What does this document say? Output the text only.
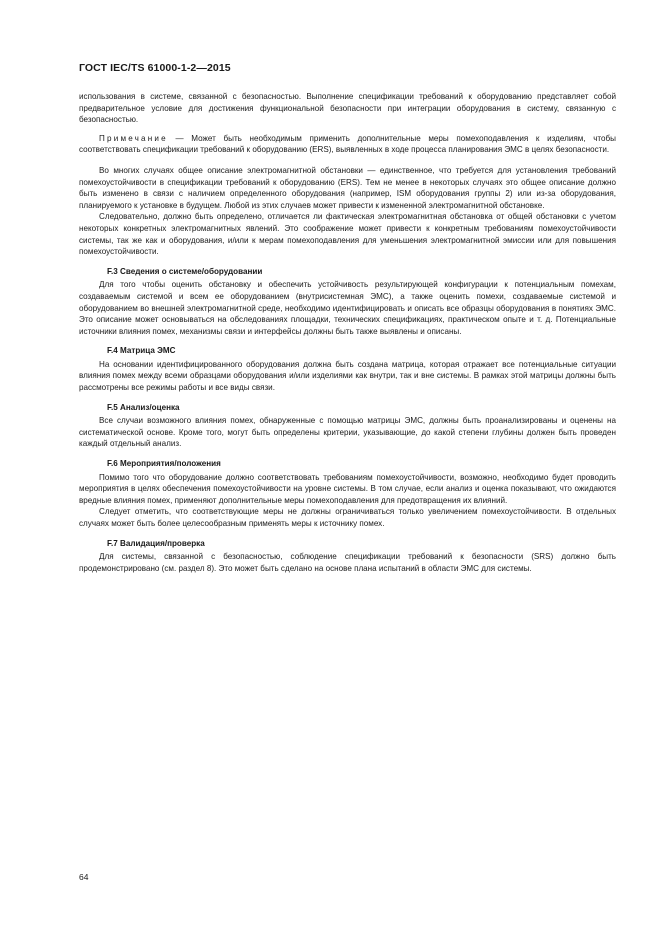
ГОСТ IEC/TS 61000-1-2—2015

использования в системе, связанной с безопасностью. Выполнение спецификации требований к оборудованию представляет собой предварительное условие для достижения функциональной безопасности при интеграции оборудования в систему, связанную с безопасностью.

Примечание — Может быть необходимым применить дополнительные меры помехоподавления к изделиям, чтобы соответствовать спецификации требований к оборудованию (ERS), выявленных в ходе процесса планирования ЭМС в целях безопасности.

Во многих случаях общее описание электромагнитной обстановки — единственное, что требуется для установления требований помехоустойчивости в спецификации требований к оборудованию (ERS). Тем не менее в некоторых случаях это общее описание должно быть изменено в связи с наличием определенного оборудования (например, ISM оборудования группы 2) или из-за оборудования, планируемого к установке в будущем. Любой из этих случаев может привести к измененной электромагнитной обстановке.

Следовательно, должно быть определено, отличается ли фактическая электромагнитная обстановка от общей обстановки с учетом некоторых конкретных электромагнитных явлений. Это соображение может привести к конкретным требованиям помехоустойчивости системы, так же как и оборудования, и/или к мерам помехоподавления для уменьшения электромагнитной эмиссии или для повышения помехоустойчивости.

F.3 Сведения о системе/оборудовании

Для того чтобы оценить обстановку и обеспечить устойчивость результирующей конфигурации к потенциальным помехам, создаваемым системой и всем ее оборудованием (внутрисистемная ЭМС), а также оценить помехи, создаваемые системой и оборудованием во внешней электромагнитной среде, необходимо идентифицировать и описать все образцы оборудования в понятиях ЭМС. Это описание может основываться на обследованиях площадки, технических спецификациях, практическом опыте и т. д. Потенциальные источники влияния помех, механизмы связи и интерфейсы должны быть также выявлены и описаны.

F.4 Матрица ЭМС

На основании идентифицированного оборудования должна быть создана матрица, которая отражает все потенциальные ситуации влияния помех между всеми образцами оборудования и/или изделиями как внутри, так и вне системы. В рамках этой матрицы должны быть рассмотрены все режимы работы и все виды связи.

F.5 Анализ/оценка

Все случаи возможного влияния помех, обнаруженные с помощью матрицы ЭМС, должны быть проанализированы и оценены на систематической основе. Кроме того, могут быть определены критерии, указывающие, до какой степени глубины должен быть проведен каждый отдельный анализ.

F.6 Мероприятия/положения

Помимо того что оборудование должно соответствовать требованиям помехоустойчивости, возможно, необходимо будет проводить мероприятия в целях обеспечения помехоустойчивости на уровне системы. В том случае, если анализ и оценка показывают, что ожидаются вредные влияния помех, применяют дополнительные меры помехоподавления для предотвращения их влияний.

Следует отметить, что соответствующие меры не должны ограничиваться только увеличением помехоустойчивости. В отдельных случаях может быть более целесообразным применять меры к источнику помех.

F.7 Валидация/проверка

Для системы, связанной с безопасностью, соблюдение спецификации требований к безопасности (SRS) должно быть продемонстрировано (см. раздел 8). Это может быть сделано на основе плана испытаний в области ЭМС для системы.

64
